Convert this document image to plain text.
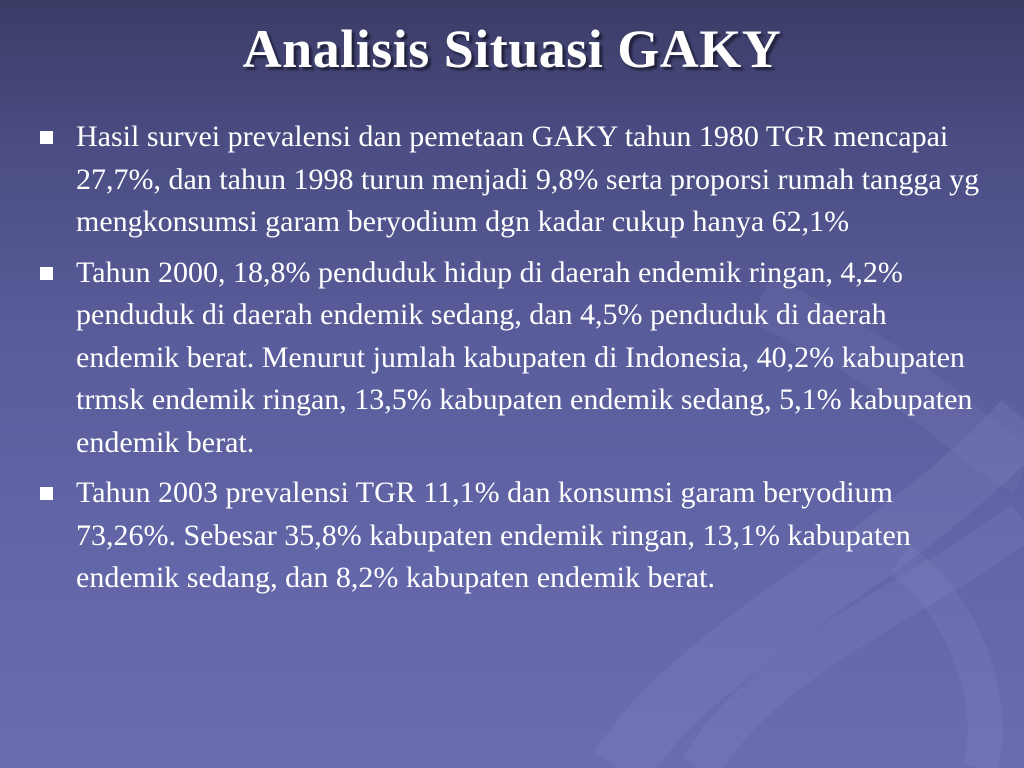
Analisis Situasi GAKY
Hasil survei prevalensi dan pemetaan GAKY tahun 1980 TGR mencapai 27,7%, dan tahun 1998 turun menjadi 9,8% serta proporsi rumah tangga yg mengkonsumsi garam beryodium dgn kadar cukup hanya 62,1%
Tahun 2000, 18,8% penduduk hidup di daerah endemik ringan, 4,2% penduduk di daerah endemik sedang, dan 4,5% penduduk di daerah endemik berat. Menurut jumlah kabupaten di Indonesia, 40,2% kabupaten trmsk endemik ringan, 13,5% kabupaten endemik sedang, 5,1% kabupaten endemik berat.
Tahun 2003 prevalensi TGR 11,1% dan konsumsi garam beryodium 73,26%. Sebesar 35,8% kabupaten endemik ringan, 13,1% kabupaten endemik sedang, dan 8,2% kabupaten endemik berat.
